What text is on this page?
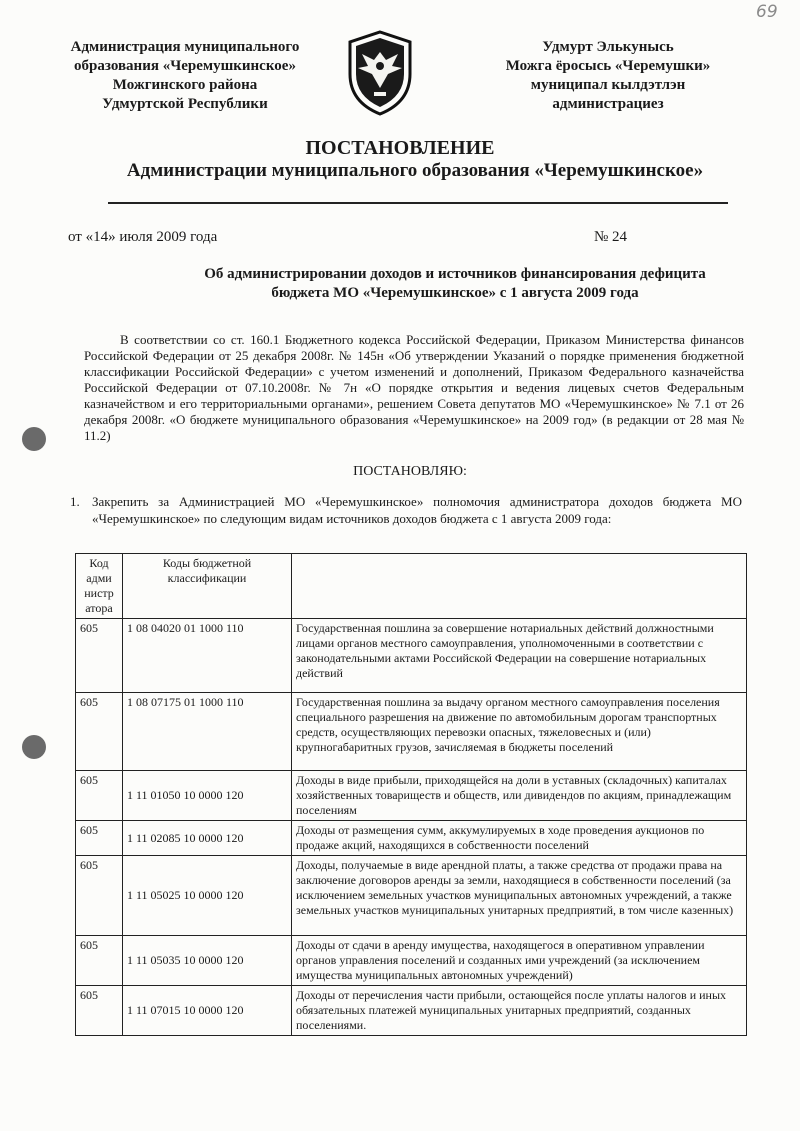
69
Администрация муниципального
образования «Черемушкинское»
Можгинского района
Удмуртской Республики
Удмурт Элькунысь
Можга ёросысь «Черемушки»
муниципал кылдэтлэн
администрациез
ПОСТАНОВЛЕНИЕ
Администрации муниципального образования «Черемушкинское»
от «14» июля 2009 года	№ 24
Об администрировании доходов и источников финансирования дефицита
бюджета МО «Черемушкинское» с 1 августа 2009 года
В соответствии со ст. 160.1 Бюджетного кодекса Российской Федерации, Приказом Министерства финансов Российской Федерации от 25 декабря 2008г. № 145н «Об утверждении Указаний о порядке применения бюджетной классификации Российской Федерации» с учетом изменений и дополнений, Приказом Федерального казначейства Российской Федерации от 07.10.2008г. № 7н «О порядке открытия и ведения лицевых счетов Федеральным казначейством и его территориальными органами», решением Совета депутатов МО «Черемушкинское» № 7.1 от 26 декабря 2008г. «О бюджете муниципального образования «Черемушкинское» на 2009 год» (в редакции от 28 мая № 11.2)
ПОСТАНОВЛЯЮ:
1. Закрепить за Администрацией МО «Черемушкинское» полномочия администратора доходов бюджета МО «Черемушкинское» по следующим видам источников доходов бюджета с 1 августа 2009 года:
Код адми нистр атора	Коды бюджетной классификации	
605	1 08 04020 01 1000 110	Государственная пошлина за совершение нотариальных действий должностными лицами органов местного самоуправления, уполномоченными в соответствии с законодательными актами Российской Федерации на совершение нотариальных действий
605	1 08 07175 01 1000 110	Государственная пошлина за выдачу органом местного самоуправления поселения специального разрешения на движение по автомобильным дорогам транспортных средств, осуществляющих перевозки опасных, тяжеловесных и (или) крупногабаритных грузов, зачисляемая в бюджеты поселений
605	1 11 01050 10 0000 120	Доходы в виде прибыли, приходящейся на доли в уставных (складочных) капиталах хозяйственных товариществ и обществ, или дивидендов по акциям, принадлежащим поселениям
605	1 11 02085 10 0000 120	Доходы от размещения сумм, аккумулируемых в ходе проведения аукционов по продаже акций, находящихся в собственности поселений
605	1 11 05025 10 0000 120	Доходы, получаемые в виде арендной платы, а также средства от продажи права на заключение договоров аренды за земли, находящиеся в собственности поселений (за исключением земельных участков муниципальных автономных учреждений, а также земельных участков муниципальных унитарных предприятий, в том числе казенных)
605	1 11 05035 10 0000 120	Доходы от сдачи в аренду имущества, находящегося в оперативном управлении органов управления поселений и созданных ими учреждений (за исключением имущества муниципальных автономных учреждений)
605	1 11 07015 10 0000 120	Доходы от перечисления части прибыли, остающейся после уплаты налогов и иных обязательных платежей муниципальных унитарных предприятий, созданных поселениями.
